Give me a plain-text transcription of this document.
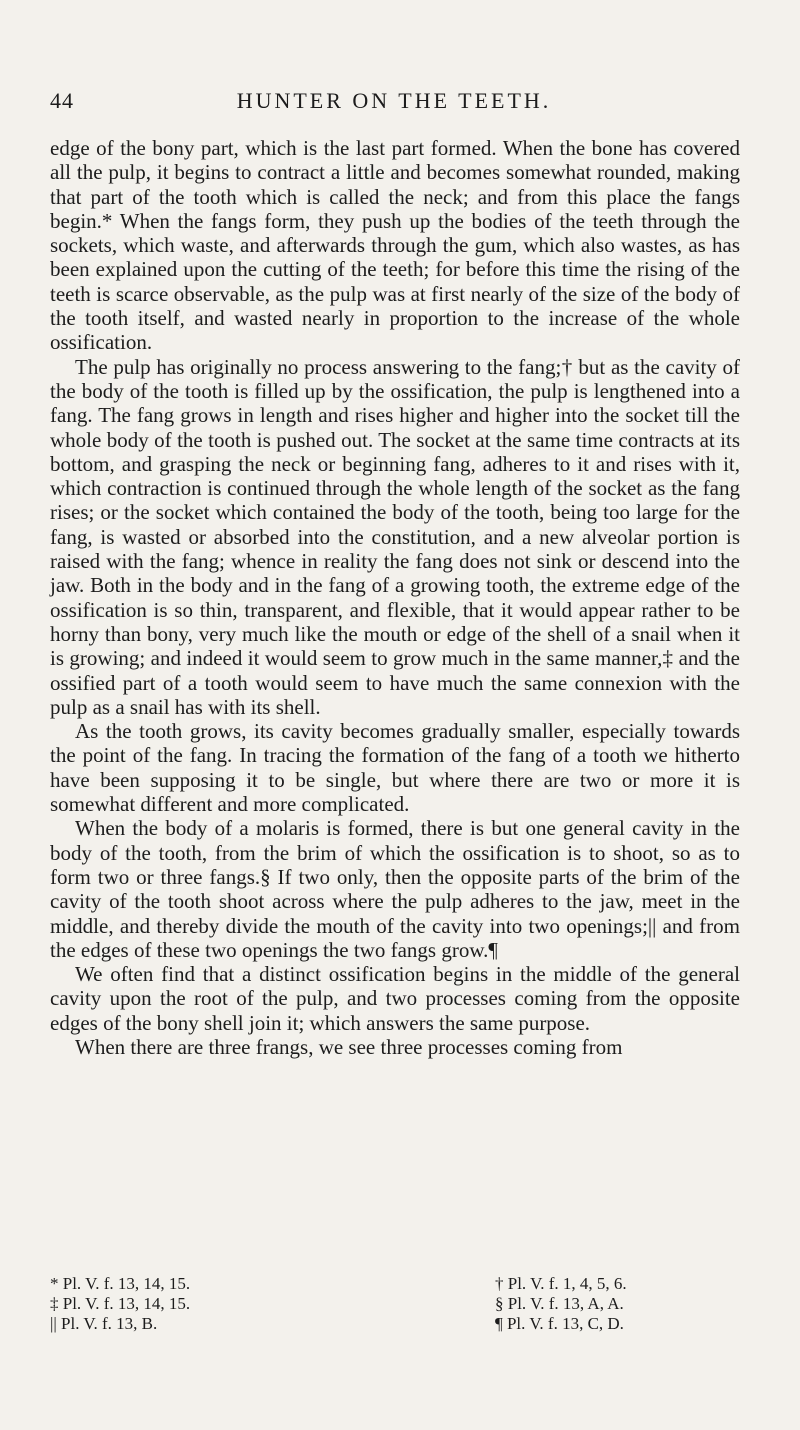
44	HUNTER ON THE TEETH.

edge of the bony part, which is the last part formed. When the bone has covered all the pulp, it begins to contract a little and becomes somewhat rounded, making that part of the tooth which is called the neck; and from this place the fangs begin.* When the fangs form, they push up the bodies of the teeth through the sockets, which waste, and afterwards through the gum, which also wastes, as has been explained upon the cutting of the teeth; for before this time the rising of the teeth is scarce observable, as the pulp was at first nearly of the size of the body of the tooth itself, and wasted nearly in proportion to the increase of the whole ossification.

The pulp has originally no process answering to the fang;† but as the cavity of the body of the tooth is filled up by the ossification, the pulp is lengthened into a fang. The fang grows in length and rises higher and higher into the socket till the whole body of the tooth is pushed out. The socket at the same time contracts at its bottom, and grasping the neck or beginning fang, adheres to it and rises with it, which contraction is continued through the whole length of the socket as the fang rises; or the socket which contained the body of the tooth, being too large for the fang, is wasted or absorbed into the constitution, and a new alveolar portion is raised with the fang; whence in reality the fang does not sink or descend into the jaw. Both in the body and in the fang of a growing tooth, the extreme edge of the ossification is so thin, transparent, and flexible, that it would appear rather to be horny than bony, very much like the mouth or edge of the shell of a snail when it is growing; and indeed it would seem to grow much in the same manner,‡ and the ossified part of a tooth would seem to have much the same connexion with the pulp as a snail has with its shell.

As the tooth grows, its cavity becomes gradually smaller, especially towards the point of the fang. In tracing the formation of the fang of a tooth we hitherto have been supposing it to be single, but where there are two or more it is somewhat different and more complicated.

When the body of a molaris is formed, there is but one general cavity in the body of the tooth, from the brim of which the ossification is to shoot, so as to form two or three fangs.§ If two only, then the opposite parts of the brim of the cavity of the tooth shoot across where the pulp adheres to the jaw, meet in the middle, and thereby divide the mouth of the cavity into two openings;|| and from the edges of these two openings the two fangs grow.¶

We often find that a distinct ossification begins in the middle of the general cavity upon the root of the pulp, and two processes coming from the opposite edges of the bony shell join it; which answers the same purpose.

When there are three frangs, we see three processes coming from

* Pl. V. f. 13, 14, 15.	† Pl. V. f. 1, 4, 5, 6.
‡ Pl. V. f. 13, 14, 15.	§ Pl. V. f. 13, A, A.
|| Pl. V. f. 13, B.	¶ Pl. V. f. 13, C, D.
